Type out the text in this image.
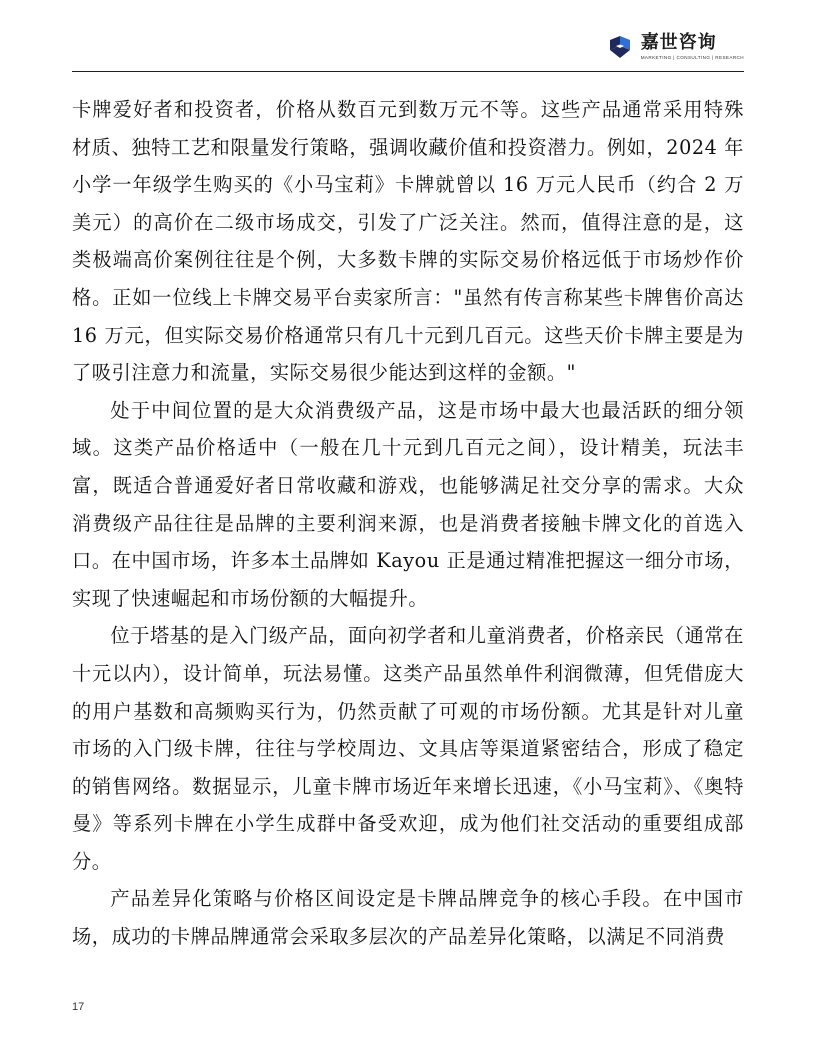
嘉世咨询
MARKETING | CONSULTING | RESEARCH

卡牌爱好者和投资者，价格从数百元到数万元不等。这些产品通常采用特殊材质、独特工艺和限量发行策略，强调收藏价值和投资潜力。例如，2024 年小学一年级学生购买的《小马宝莉》卡牌就曾以 16 万元人民币（约合 2 万美元）的高价在二级市场成交，引发了广泛关注。然而，值得注意的是，这类极端高价案例往往是个例，大多数卡牌的实际交易价格远低于市场炒作价格。正如一位线上卡牌交易平台卖家所言："虽然有传言称某些卡牌售价高达 16 万元，但实际交易价格通常只有几十元到几百元。这些天价卡牌主要是为了吸引注意力和流量，实际交易很少能达到这样的金额。"

处于中间位置的是大众消费级产品，这是市场中最大也最活跃的细分领域。这类产品价格适中（一般在几十元到几百元之间），设计精美，玩法丰富，既适合普通爱好者日常收藏和游戏，也能够满足社交分享的需求。大众消费级产品往往是品牌的主要利润来源，也是消费者接触卡牌文化的首选入口。在中国市场，许多本土品牌如 Kayou 正是通过精准把握这一细分市场，实现了快速崛起和市场份额的大幅提升。

位于塔基的是入门级产品，面向初学者和儿童消费者，价格亲民（通常在十元以内），设计简单，玩法易懂。这类产品虽然单件利润微薄，但凭借庞大的用户基数和高频购买行为，仍然贡献了可观的市场份额。尤其是针对儿童市场的入门级卡牌，往往与学校周边、文具店等渠道紧密结合，形成了稳定的销售网络。数据显示，儿童卡牌市场近年来增长迅速，《小马宝莉》、《奥特曼》等系列卡牌在小学生成群中备受欢迎，成为他们社交活动的重要组成部分。

产品差异化策略与价格区间设定是卡牌品牌竞争的核心手段。在中国市场，成功的卡牌品牌通常会采取多层次的产品差异化策略，以满足不同消费

17
